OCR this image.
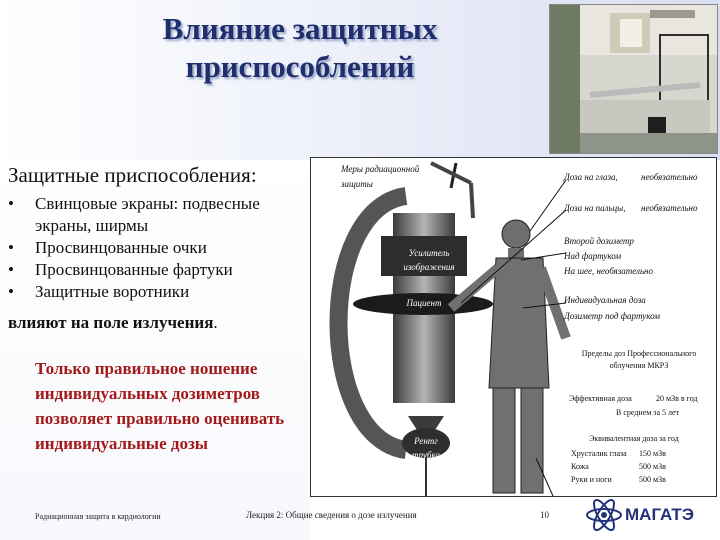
Влияние защитных
приспособлений
Защитные приспособления:
• Свинцовые экраны: подвесные экраны, ширмы
• Просвинцованные очки
• Просвинцованные фартуки
• Защитные воротники
влияют на поле излучения.
Только правильное ношение индивидуальных дозиметров позволяет правильно оценивать индивидуальные дозы
Меры радиационной защиты
Усилитель изображения
Пациент
Рентг трубка
Доза на глаза,	необязательно
Доза на пальцы, необязательно
Второй дозиметр
Над фартуком
На шее, необязательно
Индивидуальная доза
Дозиметр под фартуком
Пределы доз Профессионального облучения МКРЗ
Эффективная доза	20 мЗв в год
В среднем за 5 лет
Эквивалентная доза за год
Хрусталик глаза 150 мЗв
Кожа	500 мЗв
Руки и ноги	500 мЗв
Радиационная защита в кардиологии	Лекция 2: Общие сведения о дозе излучения	10	МАГАТЭ
